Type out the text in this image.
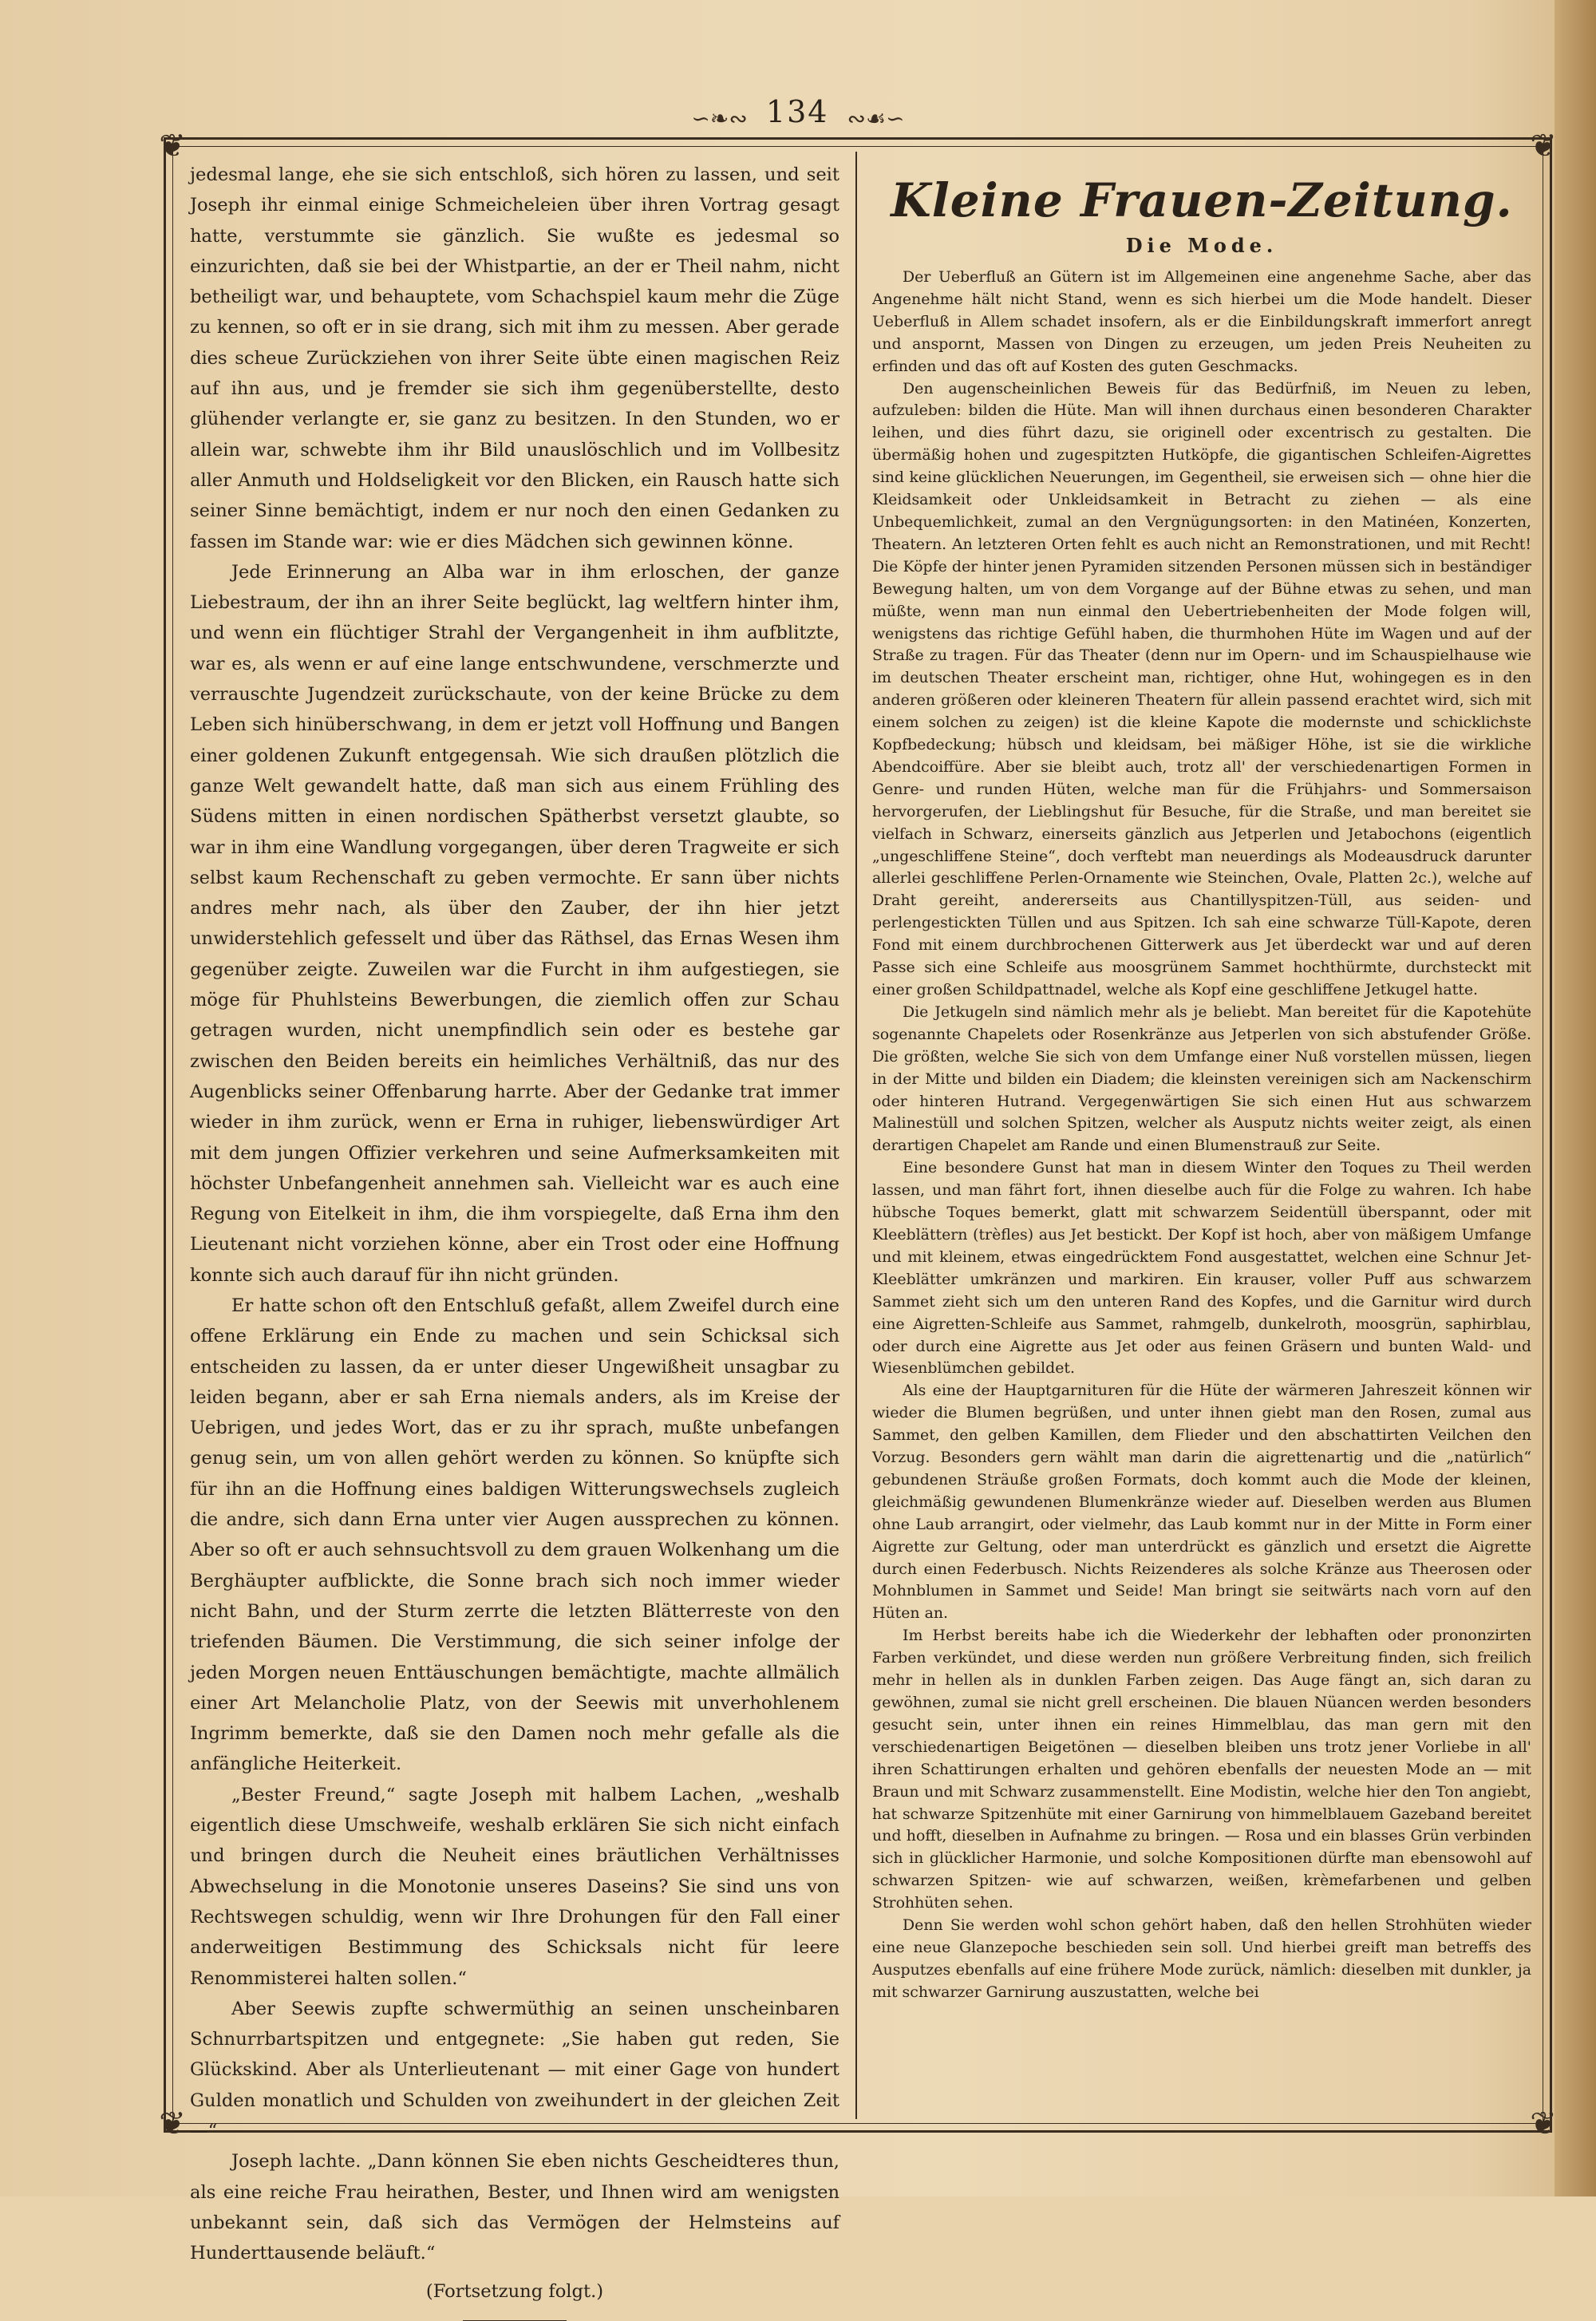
❦	❦
❦	❦
∽❧∾ 134 ∾☙∽

jedesmal lange, ehe sie sich entschloß, sich hören zu lassen, und seit Joseph ihr einmal einige Schmeicheleien über ihren Vortrag gesagt hatte, verstummte sie gänzlich. Sie wußte es jedesmal so einzurichten, daß sie bei der Whistpartie, an der er Theil nahm, nicht betheiligt war, und behauptete, vom Schachspiel kaum mehr die Züge zu kennen, so oft er in sie drang, sich mit ihm zu messen. Aber gerade dies scheue Zurückziehen von ihrer Seite übte einen magischen Reiz auf ihn aus, und je fremder sie sich ihm gegenüberstellte, desto glühender verlangte er, sie ganz zu besitzen. In den Stunden, wo er allein war, schwebte ihm ihr Bild unauslöschlich und im Vollbesitz aller Anmuth und Holdseligkeit vor den Blicken, ein Rausch hatte sich seiner Sinne bemächtigt, indem er nur noch den einen Gedanken zu fassen im Stande war: wie er dies Mädchen sich gewinnen könne.

Jede Erinnerung an Alba war in ihm erloschen, der ganze Liebestraum, der ihn an ihrer Seite beglückt, lag weltfern hinter ihm, und wenn ein flüchtiger Strahl der Vergangenheit in ihm aufblitzte, war es, als wenn er auf eine lange entschwundene, verschmerzte und verrauschte Jugendzeit zurückschaute, von der keine Brücke zu dem Leben sich hinüberschwang, in dem er jetzt voll Hoffnung und Bangen einer goldenen Zukunft entgegensah. Wie sich draußen plötzlich die ganze Welt gewandelt hatte, daß man sich aus einem Frühling des Südens mitten in einen nordischen Spätherbst versetzt glaubte, so war in ihm eine Wandlung vorgegangen, über deren Tragweite er sich selbst kaum Rechenschaft zu geben vermochte. Er sann über nichts andres mehr nach, als über den Zauber, der ihn hier jetzt unwiderstehlich gefesselt und über das Räthsel, das Ernas Wesen ihm gegenüber zeigte. Zuweilen war die Furcht in ihm aufgestiegen, sie möge für Phuhlsteins Bewerbungen, die ziemlich offen zur Schau getragen wurden, nicht unempfindlich sein oder es bestehe gar zwischen den Beiden bereits ein heimliches Verhältniß, das nur des Augenblicks seiner Offenbarung harrte. Aber der Gedanke trat immer wieder in ihm zurück, wenn er Erna in ruhiger, liebenswürdiger Art mit dem jungen Offizier verkehren und seine Aufmerksamkeiten mit höchster Unbefangenheit annehmen sah. Vielleicht war es auch eine Regung von Eitelkeit in ihm, die ihm vorspiegelte, daß Erna ihm den Lieutenant nicht vorziehen könne, aber ein Trost oder eine Hoffnung konnte sich auch darauf für ihn nicht gründen.

Er hatte schon oft den Entschluß gefaßt, allem Zweifel durch eine offene Erklärung ein Ende zu machen und sein Schicksal sich entscheiden zu lassen, da er unter dieser Ungewißheit unsagbar zu leiden begann, aber er sah Erna niemals anders, als im Kreise der Uebrigen, und jedes Wort, das er zu ihr sprach, mußte unbefangen genug sein, um von allen gehört werden zu können. So knüpfte sich für ihn an die Hoffnung eines baldigen Witterungswechsels zugleich die andre, sich dann Erna unter vier Augen aussprechen zu können. Aber so oft er auch sehnsuchtsvoll zu dem grauen Wolkenhang um die Berghäupter aufblickte, die Sonne brach sich noch immer wieder nicht Bahn, und der Sturm zerrte die letzten Blätterreste von den triefenden Bäumen. Die Verstimmung, die sich seiner infolge der jeden Morgen neuen Enttäuschungen bemächtigte, machte allmälich einer Art Melancholie Platz, von der Seewis mit unverhohlenem Ingrimm bemerkte, daß sie den Damen noch mehr gefalle als die anfängliche Heiterkeit.

„Bester Freund,“ sagte Joseph mit halbem Lachen, „weshalb eigentlich diese Umschweife, weshalb erklären Sie sich nicht einfach und bringen durch die Neuheit eines bräutlichen Verhältnisses Abwechselung in die Monotonie unseres Daseins? Sie sind uns von Rechtswegen schuldig, wenn wir Ihre Drohungen für den Fall einer anderweitigen Bestimmung des Schicksals nicht für leere Renommisterei halten sollen.“

Aber Seewis zupfte schwermüthig an seinen unscheinbaren Schnurrbartspitzen und entgegnete: „Sie haben gut reden, Sie Glückskind. Aber als Unterlieutenant — mit einer Gage von hundert Gulden monatlich und Schulden von zweihundert in der gleichen Zeit —“

Joseph lachte. „Dann können Sie eben nichts Gescheidteres thun, als eine reiche Frau heirathen, Bester, und Ihnen wird am wenigsten unbekannt sein, daß sich das Vermögen der Helmsteins auf Hunderttausende beläuft.“

(Fortsetzung folgt.)

Kleine Frauen-Zeitung.
Die Mode.

Der Ueberfluß an Gütern ist im Allgemeinen eine angenehme Sache, aber das Angenehme hält nicht Stand, wenn es sich hierbei um die Mode handelt. Dieser Ueberfluß in Allem schadet insofern, als er die Einbildungskraft immerfort anregt und anspornt, Massen von Dingen zu erzeugen, um jeden Preis Neuheiten zu erfinden und das oft auf Kosten des guten Geschmacks.

Den augenscheinlichen Beweis für das Bedürfniß, im Neuen zu leben, aufzuleben: bilden die Hüte. Man will ihnen durchaus einen besonderen Charakter leihen, und dies führt dazu, sie originell oder excentrisch zu gestalten. Die übermäßig hohen und zugespitzten Hutköpfe, die gigantischen Schleifen-Aigrettes sind keine glücklichen Neuerungen, im Gegentheil, sie erweisen sich — ohne hier die Kleidsamkeit oder Unkleidsamkeit in Betracht zu ziehen — als eine Unbequemlichkeit, zumal an den Vergnügungsorten: in den Matinéen, Konzerten, Theatern. An letzteren Orten fehlt es auch nicht an Remonstrationen, und mit Recht! Die Köpfe der hinter jenen Pyramiden sitzenden Personen müssen sich in beständiger Bewegung halten, um von dem Vorgange auf der Bühne etwas zu sehen, und man müßte, wenn man nun einmal den Uebertriebenheiten der Mode folgen will, wenigstens das richtige Gefühl haben, die thurmhohen Hüte im Wagen und auf der Straße zu tragen. Für das Theater (denn nur im Opern- und im Schauspielhause wie im deutschen Theater erscheint man, richtiger, ohne Hut, wohingegen es in den anderen größeren oder kleineren Theatern für allein passend erachtet wird, sich mit einem solchen zu zeigen) ist die kleine Kapote die modernste und schicklichste Kopfbedeckung; hübsch und kleidsam, bei mäßiger Höhe, ist sie die wirkliche Abendcoiffüre. Aber sie bleibt auch, trotz all' der verschiedenartigen Formen in Genre- und runden Hüten, welche man für die Frühjahrs- und Sommersaison hervorgerufen, der Lieblingshut für Besuche, für die Straße, und man bereitet sie vielfach in Schwarz, einerseits gänzlich aus Jetperlen und Jetabochons (eigentlich „ungeschliffene Steine“, doch verftebt man neuerdings als Modeausdruck darunter allerlei geschliffene Perlen-Ornamente wie Steinchen, Ovale, Platten 2c.), welche auf Draht gereiht, andererseits aus Chantillyspitzen-Tüll, aus seiden- und perlengestickten Tüllen und aus Spitzen. Ich sah eine schwarze Tüll-Kapote, deren Fond mit einem durchbrochenen Gitterwerk aus Jet überdeckt war und auf deren Passe sich eine Schleife aus moosgrünem Sammet hochthürmte, durchsteckt mit einer großen Schildpattnadel, welche als Kopf eine geschliffene Jetkugel hatte.

Die Jetkugeln sind nämlich mehr als je beliebt. Man bereitet für die Kapotehüte sogenannte Chapelets oder Rosenkränze aus Jetperlen von sich abstufender Größe. Die größten, welche Sie sich von dem Umfange einer Nuß vorstellen müssen, liegen in der Mitte und bilden ein Diadem; die kleinsten vereinigen sich am Nackenschirm oder hinteren Hutrand. Vergegenwärtigen Sie sich einen Hut aus schwarzem Malinestüll und solchen Spitzen, welcher als Ausputz nichts weiter zeigt, als einen derartigen Chapelet am Rande und einen Blumenstrauß zur Seite.

Eine besondere Gunst hat man in diesem Winter den Toques zu Theil werden lassen, und man fährt fort, ihnen dieselbe auch für die Folge zu wahren. Ich habe hübsche Toques bemerkt, glatt mit schwarzem Seidentüll überspannt, oder mit Kleeblättern (trèfles) aus Jet bestickt. Der Kopf ist hoch, aber von mäßigem Umfange und mit kleinem, etwas eingedrücktem Fond ausgestattet, welchen eine Schnur Jet-Kleeblätter umkränzen und markiren. Ein krauser, voller Puff aus schwarzem Sammet zieht sich um den unteren Rand des Kopfes, und die Garnitur wird durch eine Aigretten-Schleife aus Sammet, rahmgelb, dunkelroth, moosgrün, saphirblau, oder durch eine Aigrette aus Jet oder aus feinen Gräsern und bunten Wald- und Wiesenblümchen gebildet.

Als eine der Hauptgarnituren für die Hüte der wärmeren Jahreszeit können wir wieder die Blumen begrüßen, und unter ihnen giebt man den Rosen, zumal aus Sammet, den gelben Kamillen, dem Flieder und den abschattirten Veilchen den Vorzug. Besonders gern wählt man darin die aigrettenartig und die „natürlich“ gebundenen Sträuße großen Formats, doch kommt auch die Mode der kleinen, gleichmäßig gewundenen Blumenkränze wieder auf. Dieselben werden aus Blumen ohne Laub arrangirt, oder vielmehr, das Laub kommt nur in der Mitte in Form einer Aigrette zur Geltung, oder man unterdrückt es gänzlich und ersetzt die Aigrette durch einen Federbusch. Nichts Reizenderes als solche Kränze aus Theerosen oder Mohnblumen in Sammet und Seide! Man bringt sie seitwärts nach vorn auf den Hüten an.

Im Herbst bereits habe ich die Wiederkehr der lebhaften oder prononzirten Farben verkündet, und diese werden nun größere Verbreitung finden, sich freilich mehr in hellen als in dunklen Farben zeigen. Das Auge fängt an, sich daran zu gewöhnen, zumal sie nicht grell erscheinen. Die blauen Nüancen werden besonders gesucht sein, unter ihnen ein reines Himmelblau, das man gern mit den verschiedenartigen Beigetönen — dieselben bleiben uns trotz jener Vorliebe in all' ihren Schattirungen erhalten und gehören ebenfalls der neuesten Mode an — mit Braun und mit Schwarz zusammenstellt. Eine Modistin, welche hier den Ton angiebt, hat schwarze Spitzenhüte mit einer Garnirung von himmelblauem Gazeband bereitet und hofft, dieselben in Aufnahme zu bringen. — Rosa und ein blasses Grün verbinden sich in glücklicher Harmonie, und solche Kompositionen dürfte man ebensowohl auf schwarzen Spitzen- wie auf schwarzen, weißen, krèmefarbenen und gelben Strohhüten sehen.

Denn Sie werden wohl schon gehört haben, daß den hellen Strohhüten wieder eine neue Glanzepoche beschieden sein soll. Und hierbei greift man betreffs des Ausputzes ebenfalls auf eine frühere Mode zurück, nämlich: dieselben mit dunkler, ja mit schwarzer Garnirung auszustatten, welche bei
